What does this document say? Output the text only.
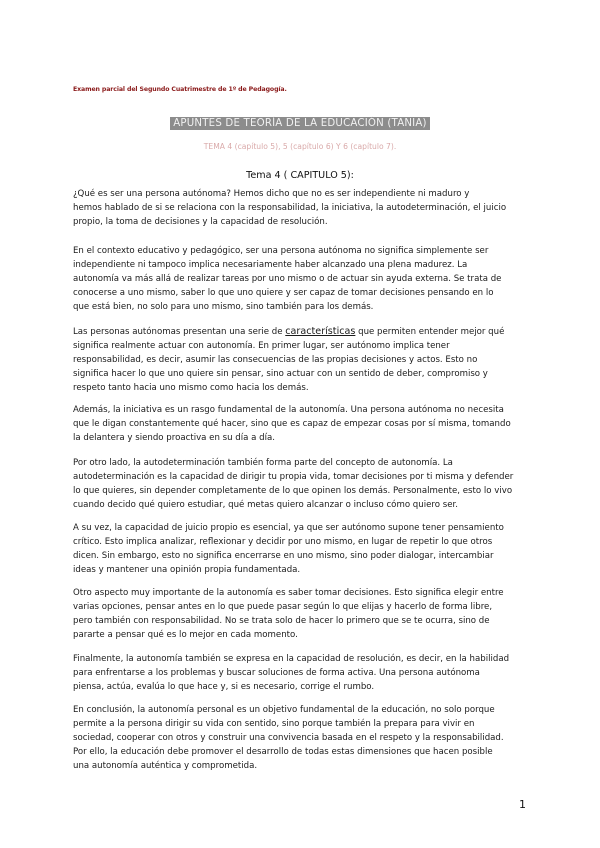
Examen parcial del Segundo Cuatrimestre de 1º de Pedagogía.
APUNTES DE TEORÍA DE LA EDUCACIÓN (TANIA)
TEMA 4 (capítulo 5), 5 (capítulo 6) Y 6 (capítulo 7).
Tema 4 ( CAPITULO 5):

¿Qué es ser una persona autónoma? Hemos dicho que no es ser independiente ni maduro y
hemos hablado de si se relaciona con la responsabilidad, la iniciativa, la autodeterminación, el juicio
propio, la toma de decisiones y la capacidad de resolución.

En el contexto educativo y pedagógico, ser una persona autónoma no significa simplemente ser
independiente ni tampoco implica necesariamente haber alcanzado una plena madurez. La
autonomía va más allá de realizar tareas por uno mismo o de actuar sin ayuda externa. Se trata de
conocerse a uno mismo, saber lo que uno quiere y ser capaz de tomar decisiones pensando en lo
que está bien, no solo para uno mismo, sino también para los demás.

Las personas autónomas presentan una serie de características que permiten entender mejor qué
significa realmente actuar con autonomía. En primer lugar, ser autónomo implica tener
responsabilidad, es decir, asumir las consecuencias de las propias decisiones y actos. Esto no
significa hacer lo que uno quiere sin pensar, sino actuar con un sentido de deber, compromiso y
respeto tanto hacia uno mismo como hacia los demás.

Además, la iniciativa es un rasgo fundamental de la autonomía. Una persona autónoma no necesita
que le digan constantemente qué hacer, sino que es capaz de empezar cosas por sí misma, tomando
la delantera y siendo proactiva en su día a día.

Por otro lado, la autodeterminación también forma parte del concepto de autonomía. La
autodeterminación es la capacidad de dirigir tu propia vida, tomar decisiones por ti misma y defender
lo que quieres, sin depender completamente de lo que opinen los demás. Personalmente, esto lo vivo
cuando decido qué quiero estudiar, qué metas quiero alcanzar o incluso cómo quiero ser.

A su vez, la capacidad de juicio propio es esencial, ya que ser autónomo supone tener pensamiento
crítico. Esto implica analizar, reflexionar y decidir por uno mismo, en lugar de repetir lo que otros
dicen. Sin embargo, esto no significa encerrarse en uno mismo, sino poder dialogar, intercambiar
ideas y mantener una opinión propia fundamentada.

Otro aspecto muy importante de la autonomía es saber tomar decisiones. Esto significa elegir entre
varias opciones, pensar antes en lo que puede pasar según lo que elijas y hacerlo de forma libre,
pero también con responsabilidad. No se trata solo de hacer lo primero que se te ocurra, sino de
pararte a pensar qué es lo mejor en cada momento.

Finalmente, la autonomía también se expresa en la capacidad de resolución, es decir, en la habilidad
para enfrentarse a los problemas y buscar soluciones de forma activa. Una persona autónoma
piensa, actúa, evalúa lo que hace y, si es necesario, corrige el rumbo.

En conclusión, la autonomía personal es un objetivo fundamental de la educación, no solo porque
permite a la persona dirigir su vida con sentido, sino porque también la prepara para vivir en
sociedad, cooperar con otros y construir una convivencia basada en el respeto y la responsabilidad.
Por ello, la educación debe promover el desarrollo de todas estas dimensiones que hacen posible
una autonomía auténtica y comprometida.

1
